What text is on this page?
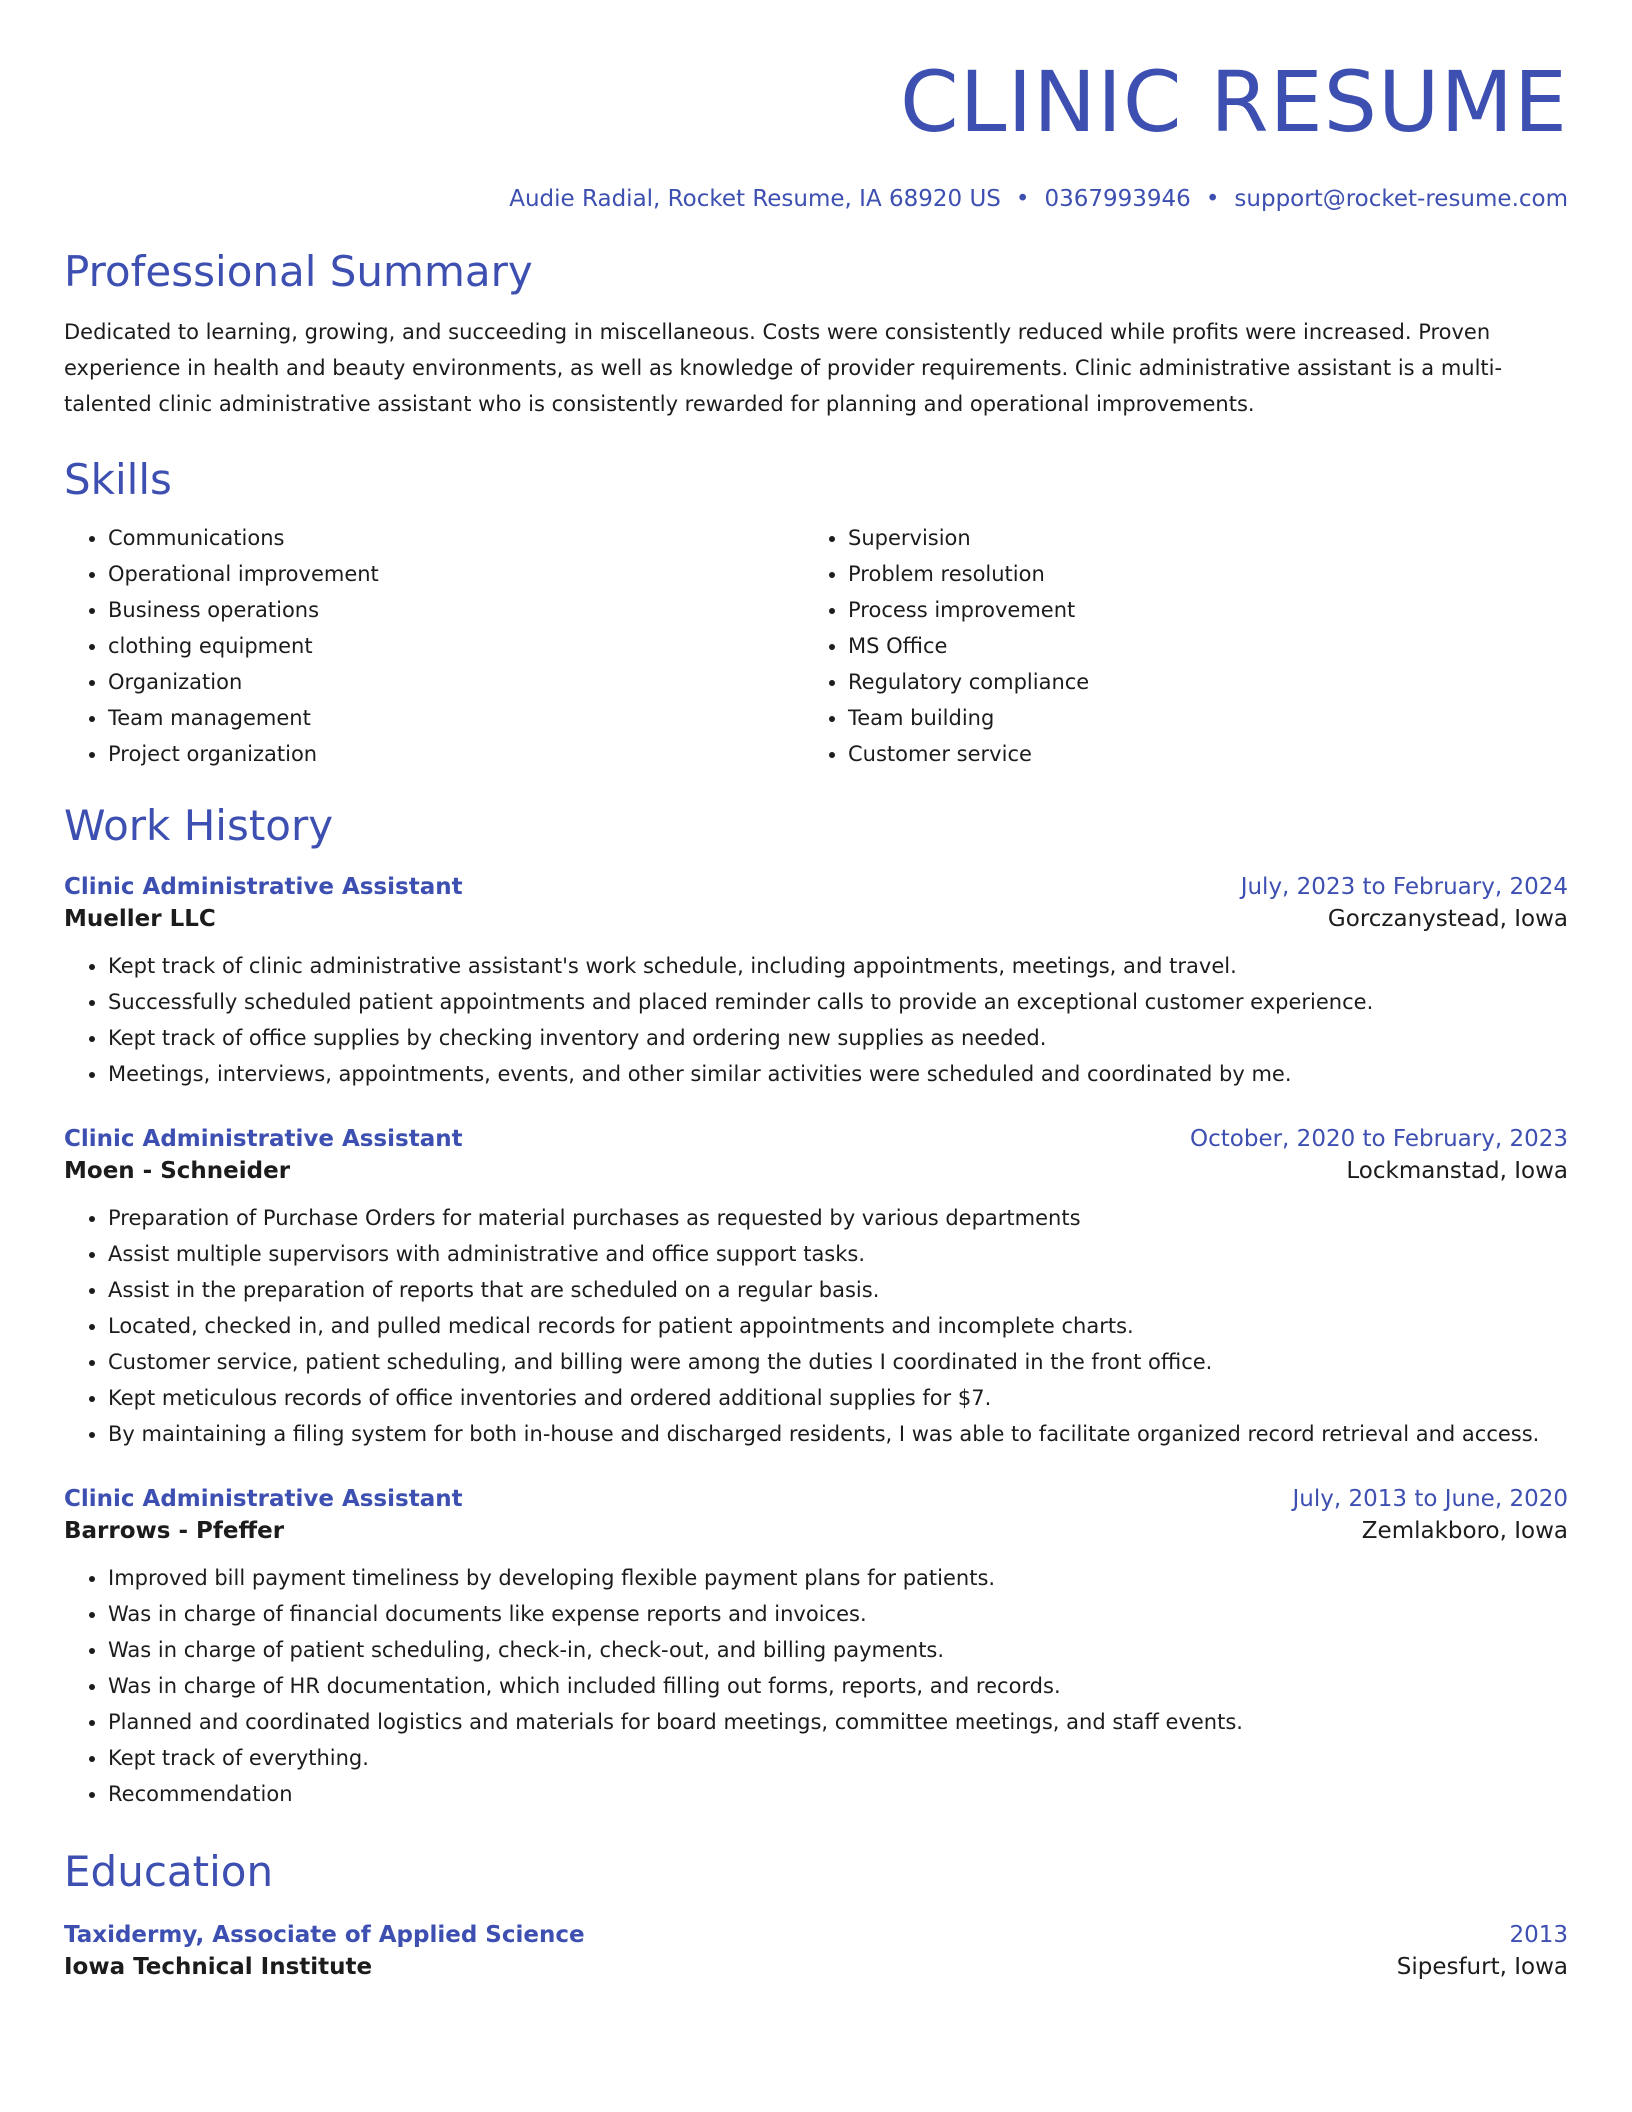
CLINIC RESUME
Audie Radial, Rocket Resume, IA 68920 US • 0367993946 • support@rocket-resume.com
Professional Summary

Dedicated to learning, growing, and succeeding in miscellaneous. Costs were consistently reduced while profits were increased. Proven experience in health and beauty environments, as well as knowledge of provider requirements. Clinic administrative assistant is a multi-talented clinic administrative assistant who is consistently rewarded for planning and operational improvements.

Skills
• Communications
• Operational improvement
• Business operations
• clothing equipment
• Organization
• Team management
• Project organization
• Supervision
• Problem resolution
• Process improvement
• MS Office
• Regulatory compliance
• Team building
• Customer service
Work History
Clinic Administrative Assistant	July, 2023 to February, 2024
Mueller LLC	Gorczanystead, Iowa
• Kept track of clinic administrative assistant's work schedule, including appointments, meetings, and travel.
• Successfully scheduled patient appointments and placed reminder calls to provide an exceptional customer experience.
• Kept track of office supplies by checking inventory and ordering new supplies as needed.
• Meetings, interviews, appointments, events, and other similar activities were scheduled and coordinated by me.
Clinic Administrative Assistant	October, 2020 to February, 2023
Moen - Schneider	Lockmanstad, Iowa
• Preparation of Purchase Orders for material purchases as requested by various departments
• Assist multiple supervisors with administrative and office support tasks.
• Assist in the preparation of reports that are scheduled on a regular basis.
• Located, checked in, and pulled medical records for patient appointments and incomplete charts.
• Customer service, patient scheduling, and billing were among the duties I coordinated in the front office.
• Kept meticulous records of office inventories and ordered additional supplies for $7.
• By maintaining a filing system for both in-house and discharged residents, I was able to facilitate organized record retrieval and access.
Clinic Administrative Assistant	July, 2013 to June, 2020
Barrows - Pfeffer	Zemlakboro, Iowa
• Improved bill payment timeliness by developing flexible payment plans for patients.
• Was in charge of financial documents like expense reports and invoices.
• Was in charge of patient scheduling, check-in, check-out, and billing payments.
• Was in charge of HR documentation, which included filling out forms, reports, and records.
• Planned and coordinated logistics and materials for board meetings, committee meetings, and staff events.
• Kept track of everything.
• Recommendation
Education
Taxidermy, Associate of Applied Science	2013
Iowa Technical Institute	Sipesfurt, Iowa
